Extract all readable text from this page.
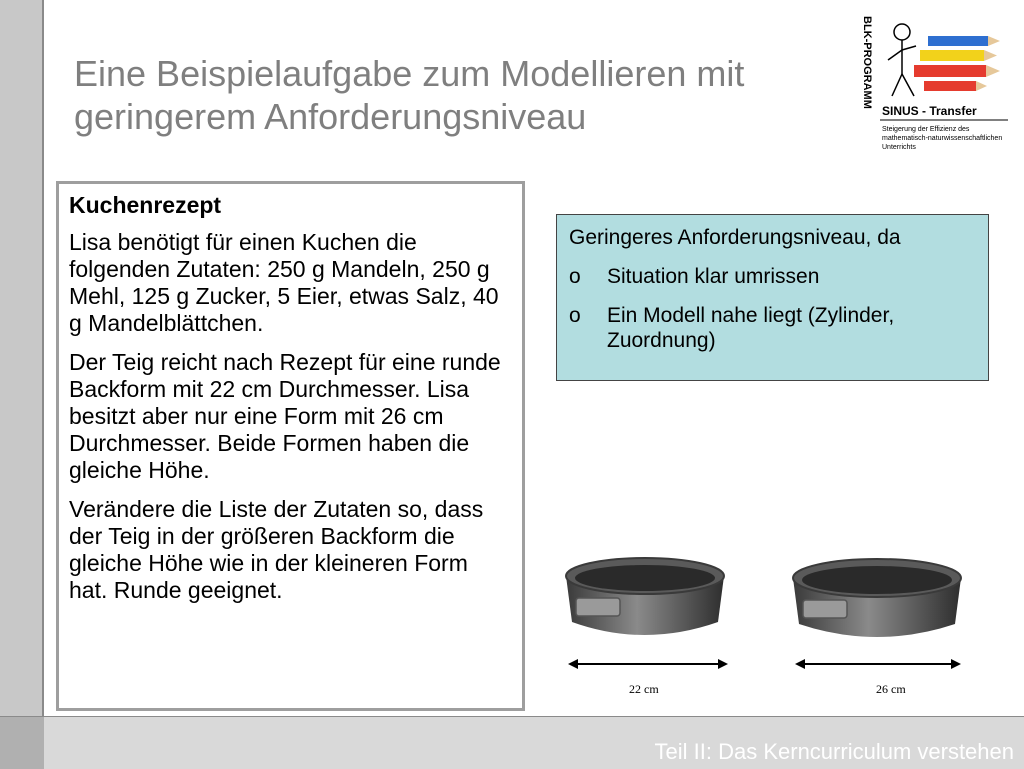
Teil II: Das Kerncurriculum verstehen
Eine Beispielaufgabe zum Modellieren mit geringerem Anforderungsniveau
BLK-PROGRAMM
SINUS - Transfer
Steigerung der Effizienz des
mathematisch-naturwissenschaftlichen
Unterrichts

Kuchenrezept

Lisa benötigt für einen Kuchen die folgenden Zutaten: 250 g Mandeln, 250 g Mehl, 125 g Zucker, 5 Eier, etwas Salz, 40 g Mandelblättchen.

Der Teig reicht nach Rezept für eine runde Backform mit 22 cm Durchmesser. Lisa besitzt aber nur eine Form mit 26 cm Durchmesser. Beide Formen haben die gleiche Höhe.

Verändere die Liste der Zutaten so, dass der Teig in der größeren Backform die gleiche Höhe wie in der kleineren Form hat. Runde geeignet.

Geringeres Anforderungsniveau, da

o	Situation klar umrissen
o	Ein Modell nahe liegt (Zylinder, Zuordnung)
22 cm	26 cm
